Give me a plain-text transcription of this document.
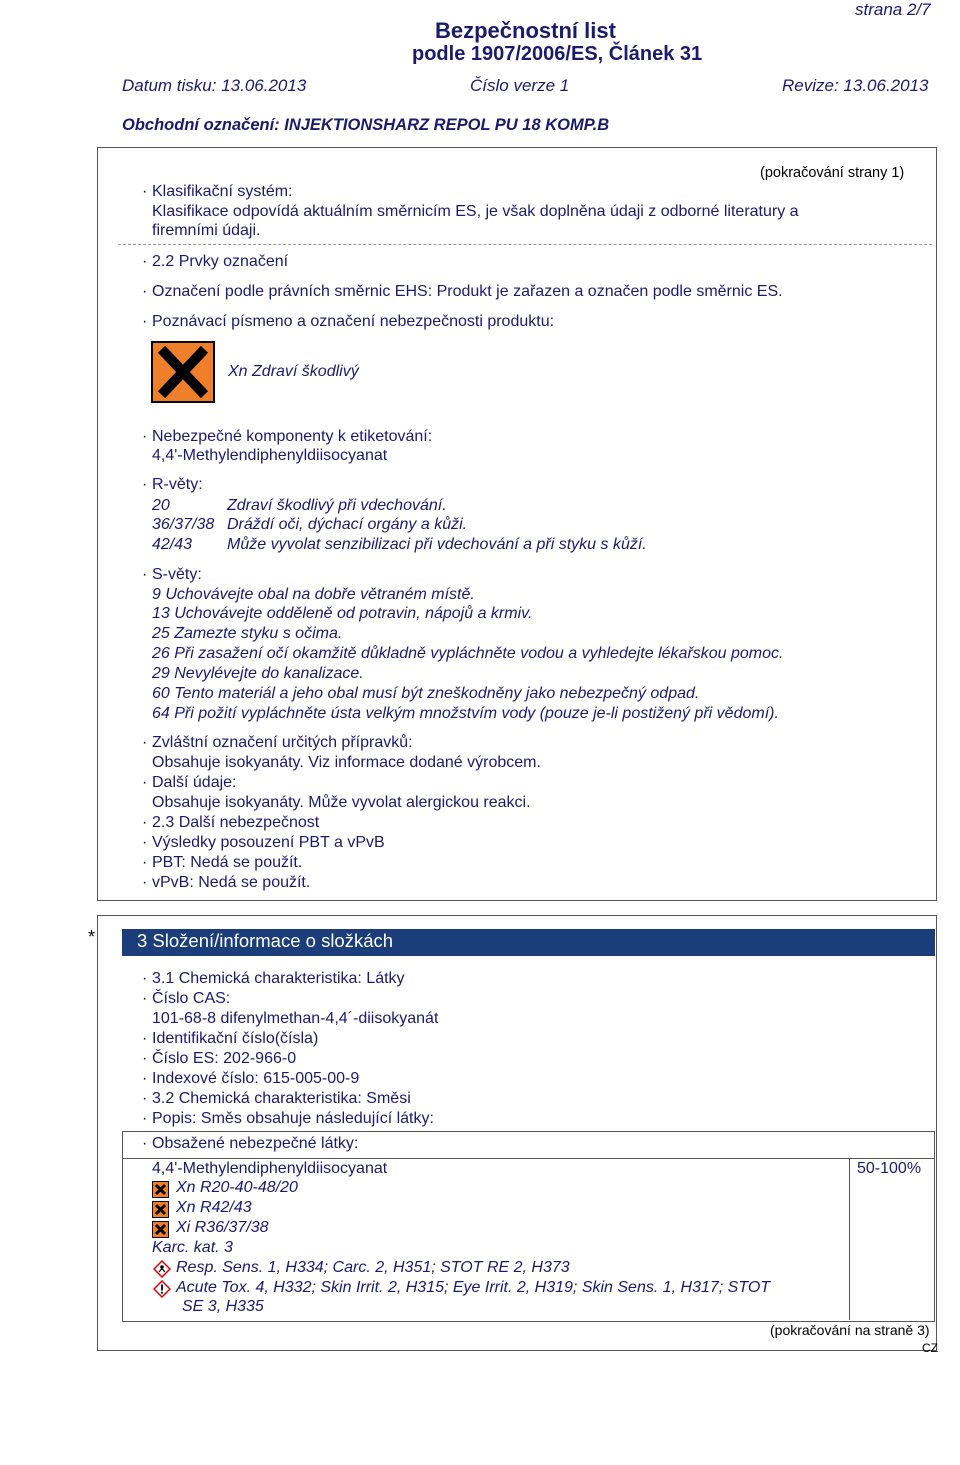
strana 2/7
Bezpečnostní list
podle 1907/2006/ES, Článek 31
Datum tisku: 13.06.2013	Číslo verze 1	Revize: 13.06.2013
Obchodní označení: INJEKTIONSHARZ REPOL PU 18 KOMP.B
(pokračování strany 1)
· Klasifikační systém:
Klasifikace odpovídá aktuálním směrnicím ES, je však doplněna údaji z odborné literatury a
firemními údaji.
· 2.2 Prvky označení
· Označení podle právních směrnic EHS: Produkt je zařazen a označen podle směrnic ES.
· Poznávací písmeno a označení nebezpečnosti produktu:
Xn Zdraví škodlivý
· Nebezpečné komponenty k etiketování:
4,4'-Methylendiphenyldiisocyanat
· R-věty:
20	Zdraví škodlivý při vdechování.
36/37/38 Dráždí oči, dýchací orgány a kůži.
42/43 Může vyvolat senzibilizaci při vdechování a při styku s kůží.
· S-věty:
9 Uchovávejte obal na dobře větraném místě.
13 Uchovávejte odděleně od potravin, nápojů a krmiv.
25 Zamezte styku s očima.
26 Při zasažení očí okamžitě důkladně vypláchněte vodou a vyhledejte lékařskou pomoc.
29 Nevylévejte do kanalizace.
60 Tento materiál a jeho obal musí být zneškodněny jako nebezpečný odpad.
64 Při požití vypláchněte ústa velkým množstvím vody (pouze je-li postižený při vědomí).
· Zvláštní označení určitých přípravků:
Obsahuje isokyanáty. Viz informace dodané výrobcem.
· Další údaje:
Obsahuje isokyanáty. Může vyvolat alergickou reakci.
· 2.3 Další nebezpečnost
· Výsledky posouzení PBT a vPvB
· PBT: Nedá se použít.
· vPvB: Nedá se použít.
* 3 Složení/informace o složkách
· 3.1 Chemická charakteristika: Látky
· Číslo CAS:
101-68-8 difenylmethan-4,4´-diisokyanát
· Identifikační číslo(čísla)
· Číslo ES: 202-966-0
· Indexové číslo: 615-005-00-9
· 3.2 Chemická charakteristika: Směsi
· Popis: Směs obsahuje následující látky:
· Obsažené nebezpečné látky:
4,4'-Methylendiphenyldiisocyanat	50-100%
Xn R20-40-48/20
Xn R42/43
Xi R36/37/38
Karc. kat. 3
Resp. Sens. 1, H334; Carc. 2, H351; STOT RE 2, H373
Acute Tox. 4, H332; Skin Irrit. 2, H315; Eye Irrit. 2, H319; Skin Sens. 1, H317; STOT
SE 3, H335
(pokračování na straně 3)
CZ
